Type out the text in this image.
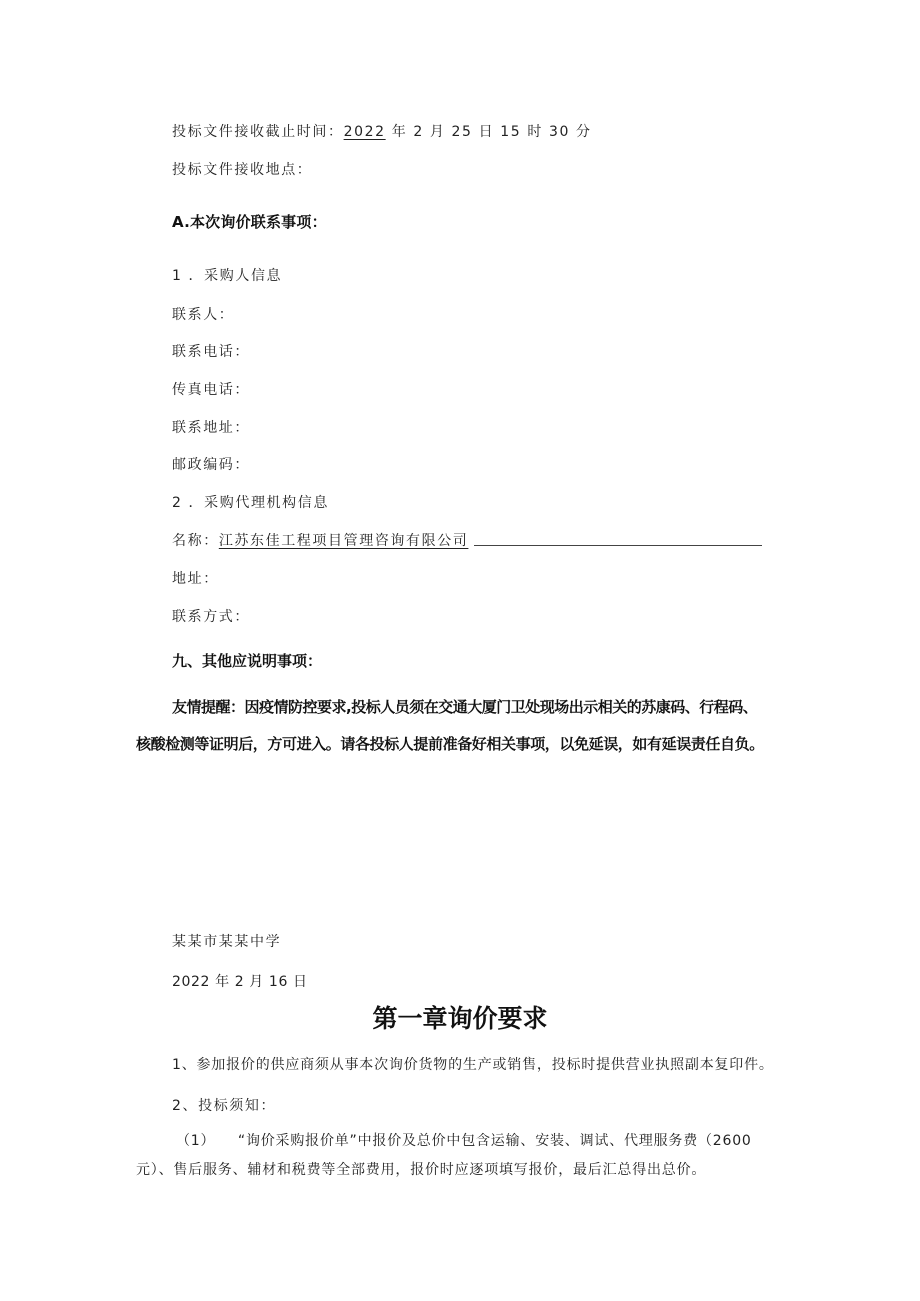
投标文件接收截止时间：2022 年 2 月 25 日 15 时 30 分
投标文件接收地点：
A.本次询价联系事项：
1 ．采购人信息
联系人：
联系电话：
传真电话：
联系地址：
邮政编码：
2 ．采购代理机构信息
名称：江苏东佳工程项目管理咨询有限公司
地址：
联系方式：
九、其他应说明事项：
友情提醒：因疫情防控要求,投标人员须在交通大厦门卫处现场出示相关的苏康码、行程码、
核酸检测等证明后，方可进入。请各投标人提前准备好相关事项，以免延误，如有延误责任自负。
某某市某某中学
2022 年 2 月 16 日
第一章询价要求
1、参加报价的供应商须从事本次询价货物的生产或销售，投标时提供营业执照副本复印件。
2、投标须知：
（1）　　“询价采购报价单”中报价及总价中包含运输、安装、调试、代理服务费（2600
元）、售后服务、辅材和税费等全部费用，报价时应逐项填写报价，最后汇总得出总价。
